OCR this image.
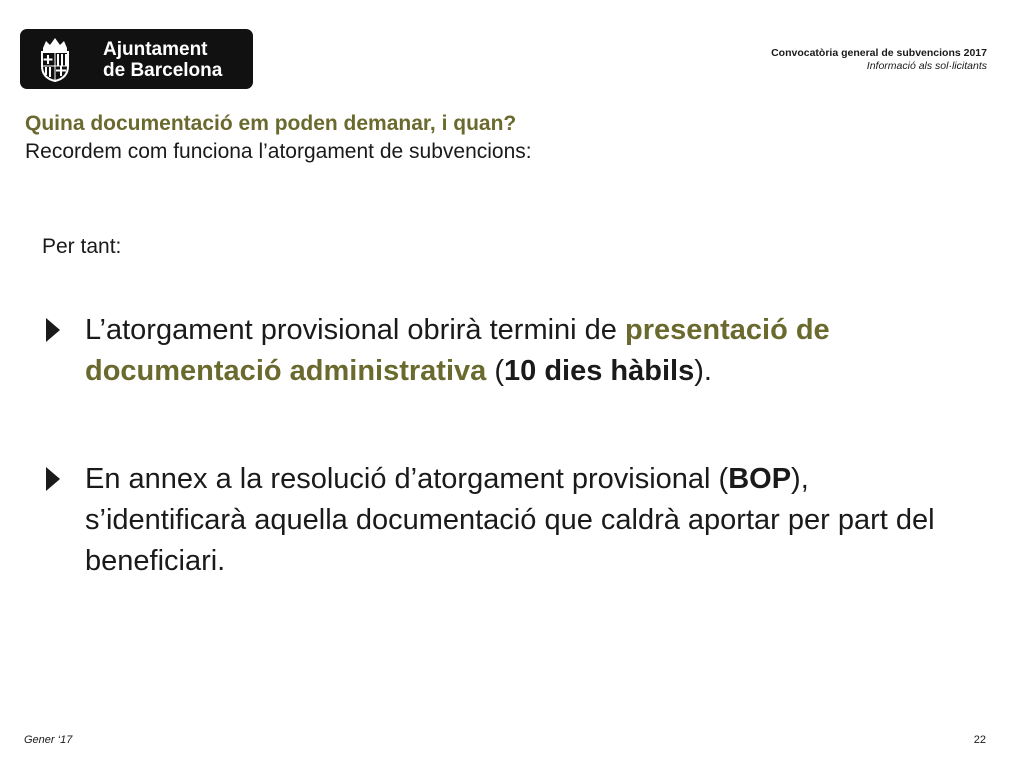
Ajuntament
de Barcelona
Convocatòria general de subvencions 2017
Informació als sol·licitants
Quina documentació em poden demanar, i quan?
Recordem com funciona l’atorgament de subvencions:
Per tant:
L’atorgament provisional obrirà termini de presentació de documentació administrativa (10 dies hàbils).
En annex a la resolució d’atorgament provisional (BOP), s’identificarà aquella documentació que caldrà aportar per part del beneficiari.
Gener ‘17	22
